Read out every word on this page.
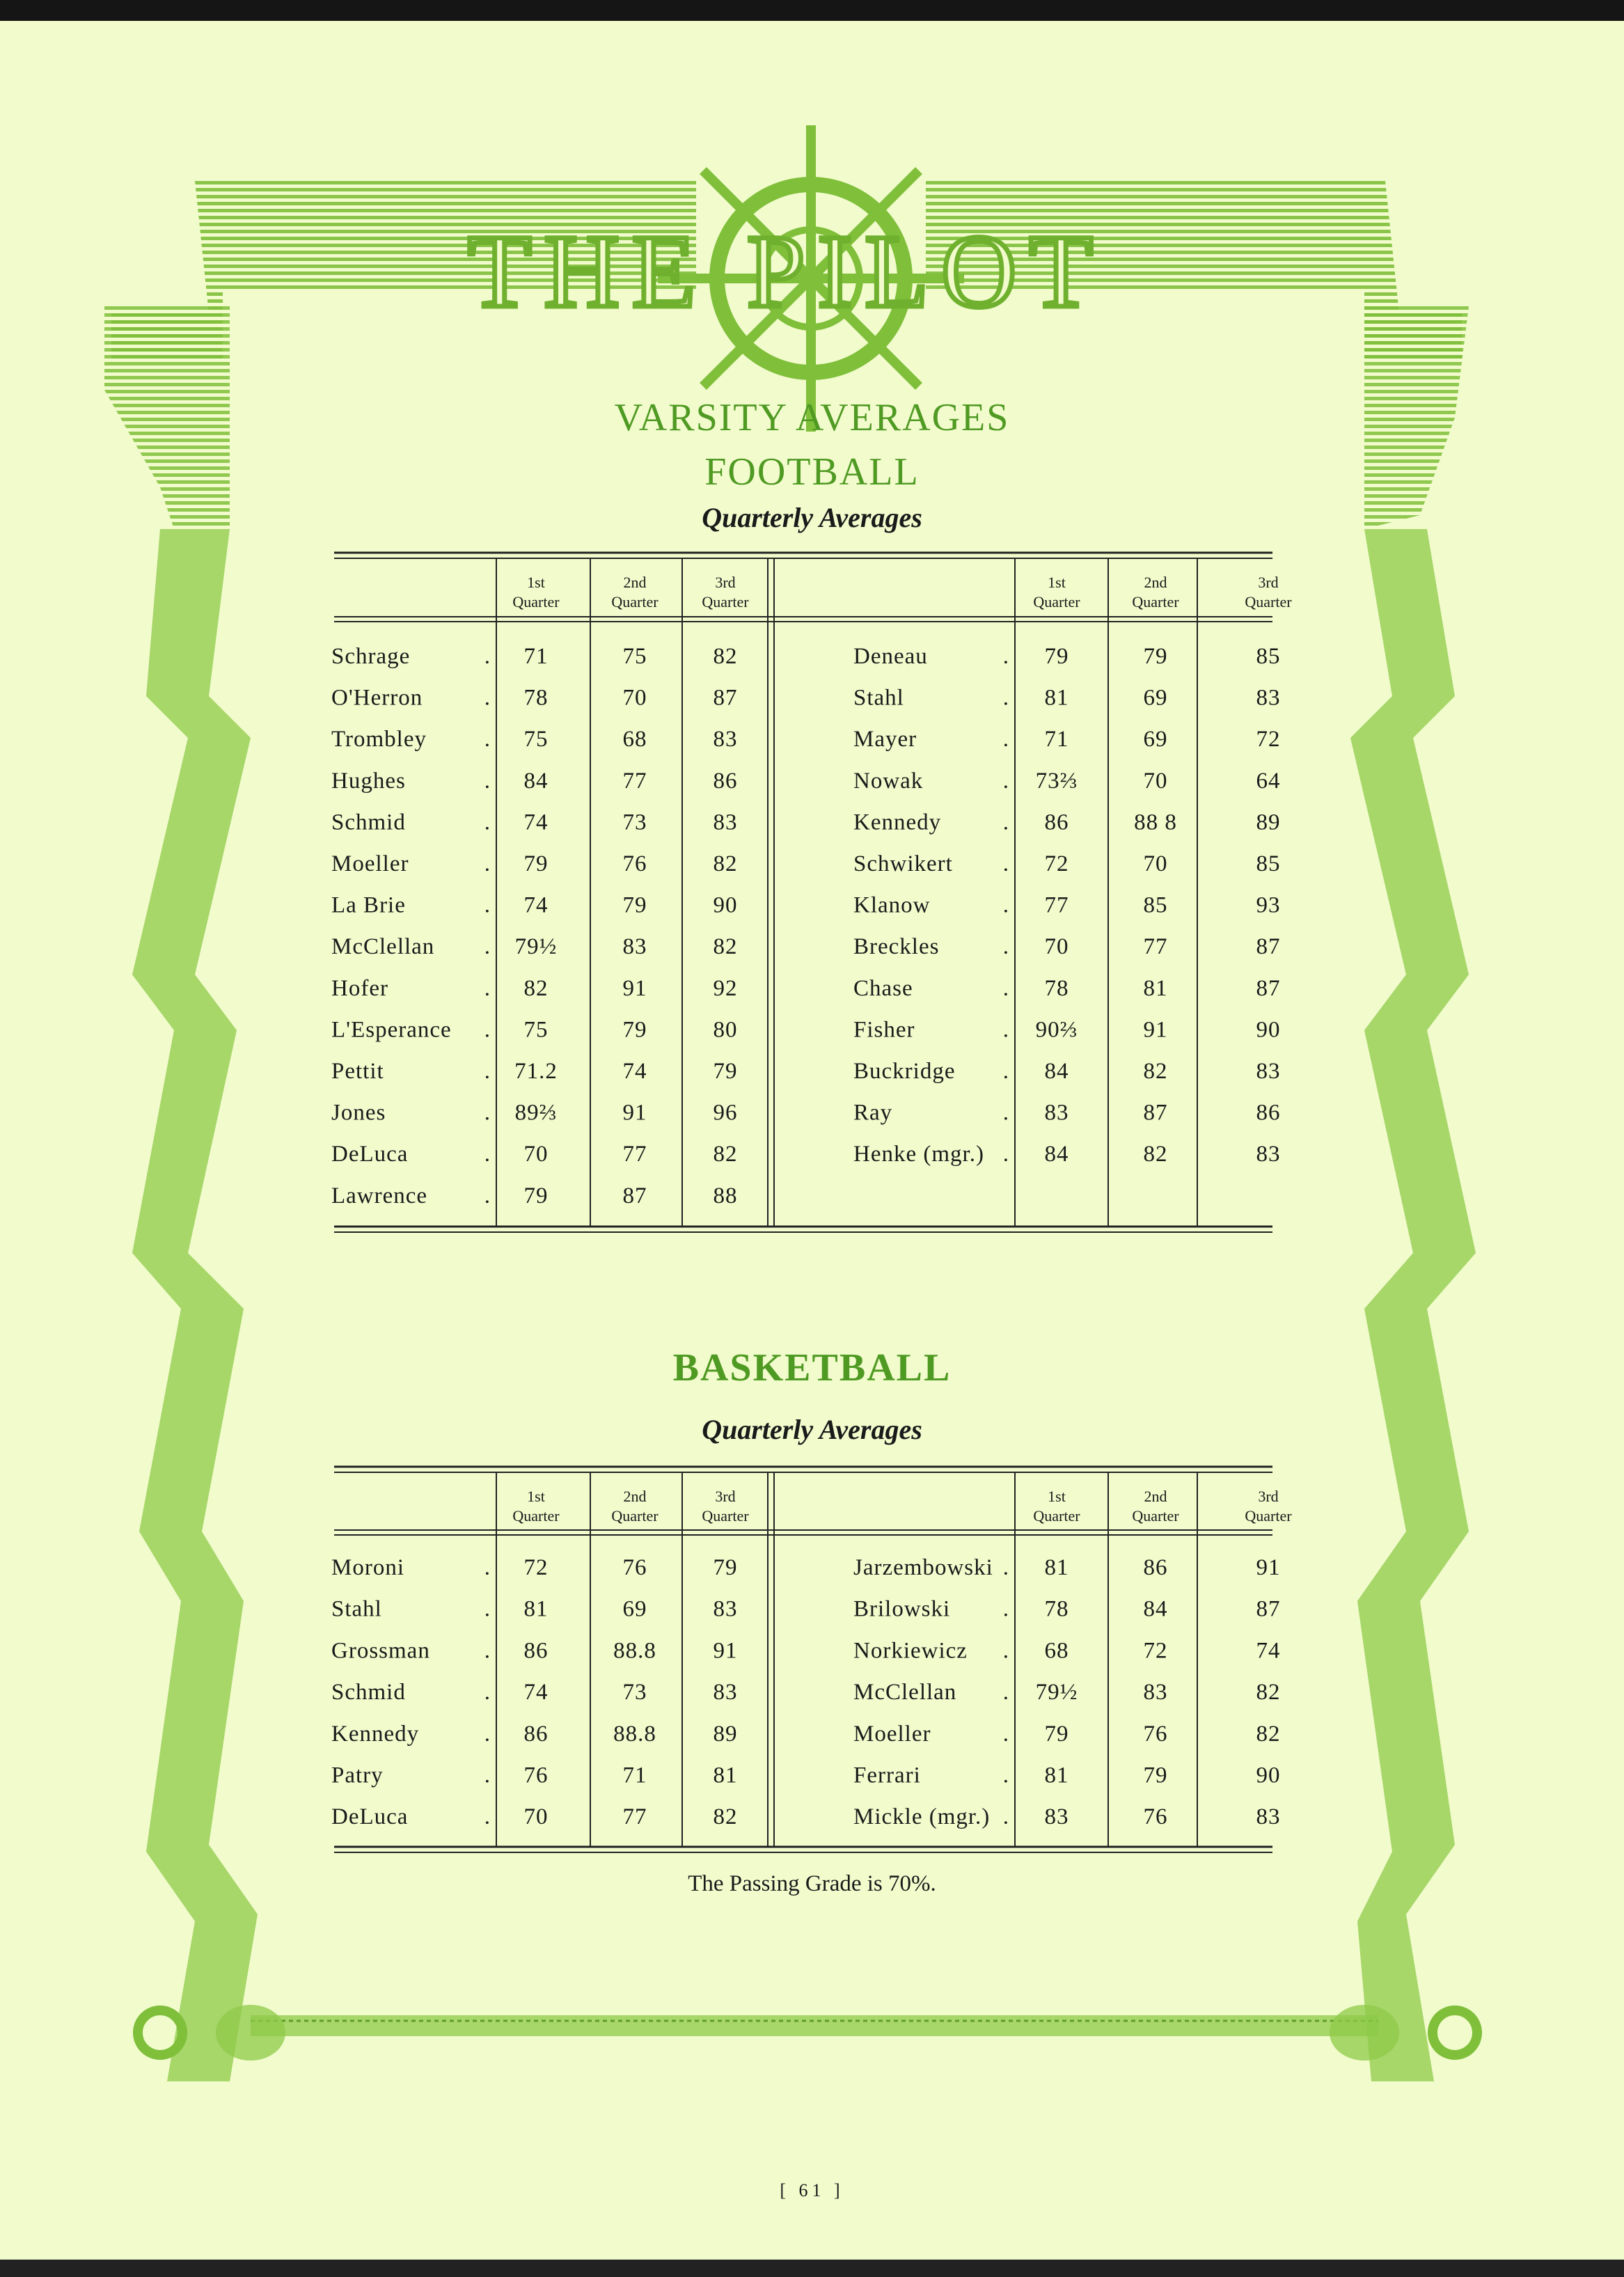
THE PILOT
VARSITY AVERAGES
FOOTBALL
Quarterly Averages
1st
Quarter
2nd
Quarter
3rd
Quarter
1st
Quarter
2nd
Quarter
3rd
Quarter
Schrage	. 71	75	82
O'Herron	. 78	70	87
Trombley	. 75	68	83
Hughes	. 84	77	86
Schmid	. 74	73	83
Moeller	. 79	76	82
La Brie	. 74	79	90
McClellan . 79½	83	82
Hofer	. 82	91	92
L'Esperance . 75	79	80
Pettit	. 71.2	74	79
Jones	. 89⅔	91	96
DeLuca	. 70	77	82
Lawrence . 79	87	88
Deneau	. 79	79	85
Stahl	. 81	69	83
Mayer	. 71	69	72
Nowak	. 73⅔	70	64
Kennedy	. 86	88 8	89
Schwikert . 72	70	85
Klanow	. 77	85	93
Breckles	. 70	77	87
Chase	. 78	81	87
Fisher	. 90⅔	91	90
Buckridge . 84	82	83
Ray	. 83	87	86
Henke (mgr.) . 84	82	83
BASKETBALL
Quarterly Averages
1st
Quarter
2nd
Quarter
3rd
Quarter
1st
Quarter
2nd
Quarter
3rd
Quarter
Moroni	. 72	76	79
Stahl	. 81	69	83
Grossman . 86	88.8 91
Schmid	. 74	73	83
Kennedy	. 86	88.8 89
Patry	. 76	71	81
DeLuca	. 70	77	82
Jarzembowski . 81	86	91
Brilowski . 78	84	87
Norkiewicz . 68	72	74
McClellan . 79½	83	82
Moeller	. 79	76	82
Ferrari	. 81	79	90
Mickle (mgr.) . 83	76	83
The Passing Grade is 70%.
[ 61 ]
